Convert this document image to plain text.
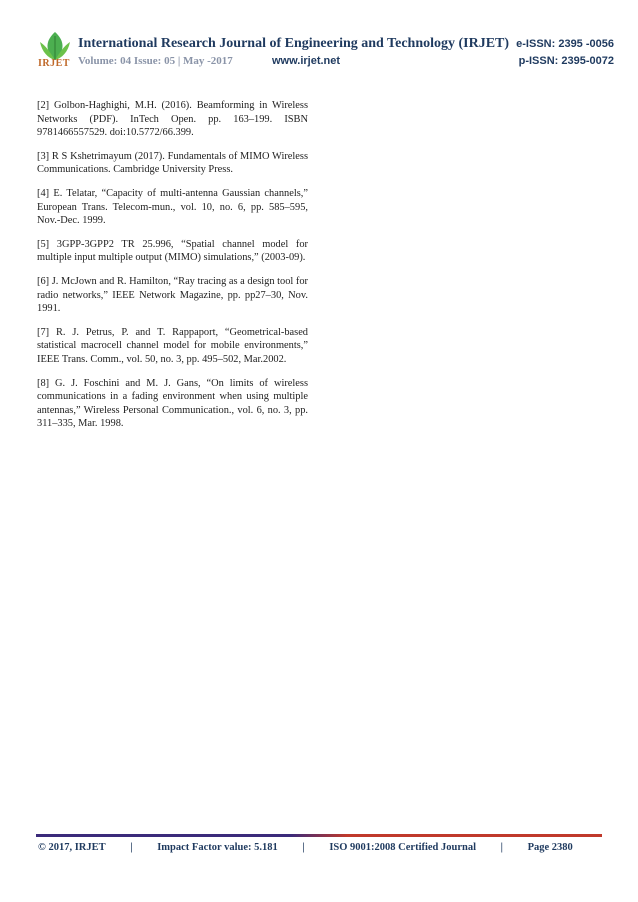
IRJET
International Research Journal of Engineering and Technology (IRJET) e-ISSN: 2395 -0056
Volume: 04 Issue: 05 | May -2017	www.irjet.net	p-ISSN: 2395-0072

[2] Golbon-Haghighi, M.H. (2016). Beamforming in Wireless Networks (PDF). InTech Open. pp. 163–199. ISBN 9781466557529. doi:10.5772/66.399.

[3] R S Kshetrimayum (2017). Fundamentals of MIMO Wireless Communications. Cambridge University Press.

[4] E. Telatar, “Capacity of multi-antenna Gaussian channels,” European Trans. Telecom-mun., vol. 10, no. 6, pp. 585–595, Nov.-Dec. 1999.

[5] 3GPP-3GPP2 TR 25.996, “Spatial channel model for multiple input multiple output (MIMO) simulations,” (2003-09).

[6] J. McJown and R. Hamilton, “Ray tracing as a design tool for radio networks,” IEEE Network Magazine, pp. pp27–30, Nov. 1991.

[7] R. J. Petrus, P. and T. Rappaport, “Geometrical-based statistical macrocell channel model for mobile environments,” IEEE Trans. Comm., vol. 50, no. 3, pp. 495–502, Mar.2002.

[8] G. J. Foschini and M. J. Gans, “On limits of wireless communications in a fading environment when using multiple antennas,” Wireless Personal Communication., vol. 6, no. 3, pp. 311–335, Mar. 1998.

© 2017, IRJET | Impact Factor value: 5.181 | ISO 9001:2008 Certified Journal | Page 2380
